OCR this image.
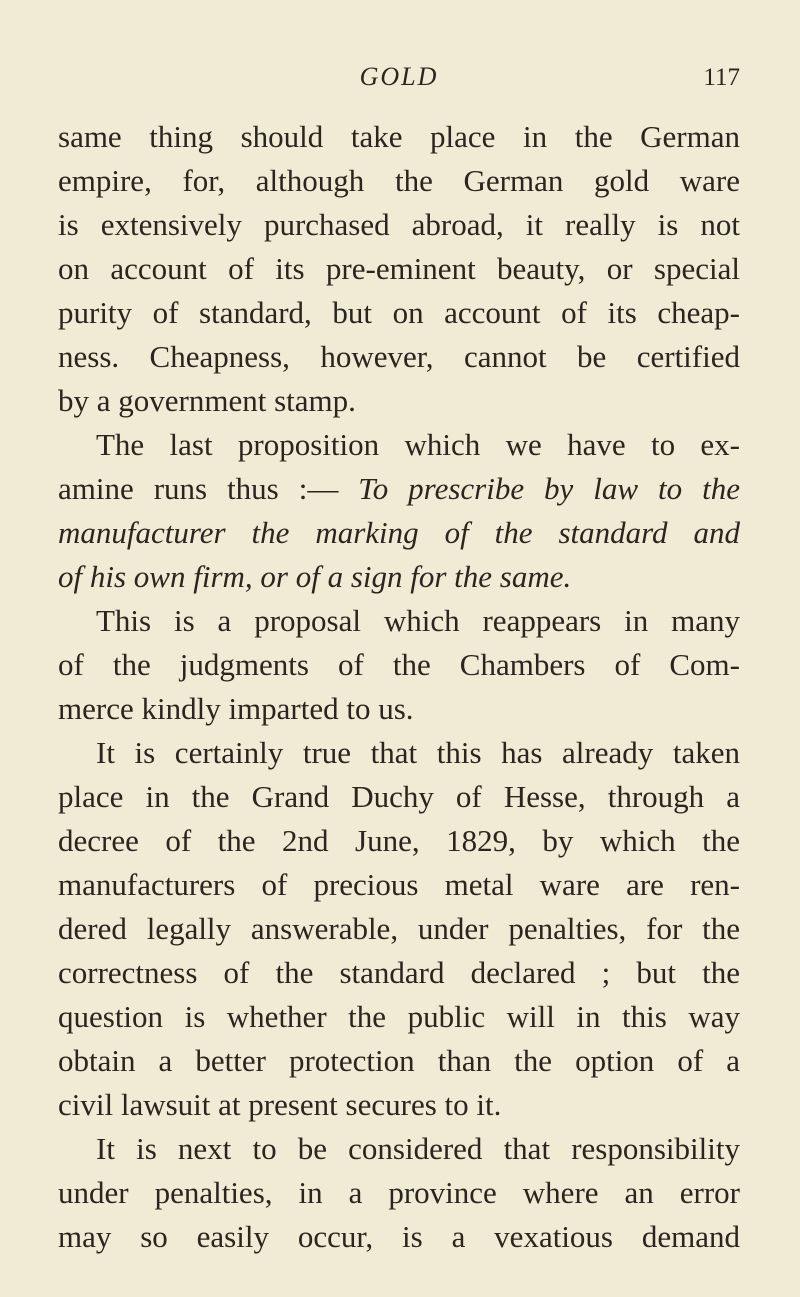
GOLD	117
same thing should take place in the German
empire, for, although the German gold ware
is extensively purchased abroad, it really is not
on account of its pre-eminent beauty, or special
purity of standard, but on account of its cheap-
ness. Cheapness, however, cannot be certified
by a government stamp.
The last proposition which we have to ex-
amine runs thus :— To prescribe by law to the
manufacturer the marking of the standard and
of his own firm, or of a sign for the same.
This is a proposal which reappears in many
of the judgments of the Chambers of Com-
merce kindly imparted to us.
It is certainly true that this has already taken
place in the Grand Duchy of Hesse, through a
decree of the 2nd June, 1829, by which the
manufacturers of precious metal ware are ren-
dered legally answerable, under penalties, for the
correctness of the standard declared ; but the
question is whether the public will in this way
obtain a better protection than the option of a
civil lawsuit at present secures to it.
It is next to be considered that responsibility
under penalties, in a province where an error
may so easily occur, is a vexatious demand
